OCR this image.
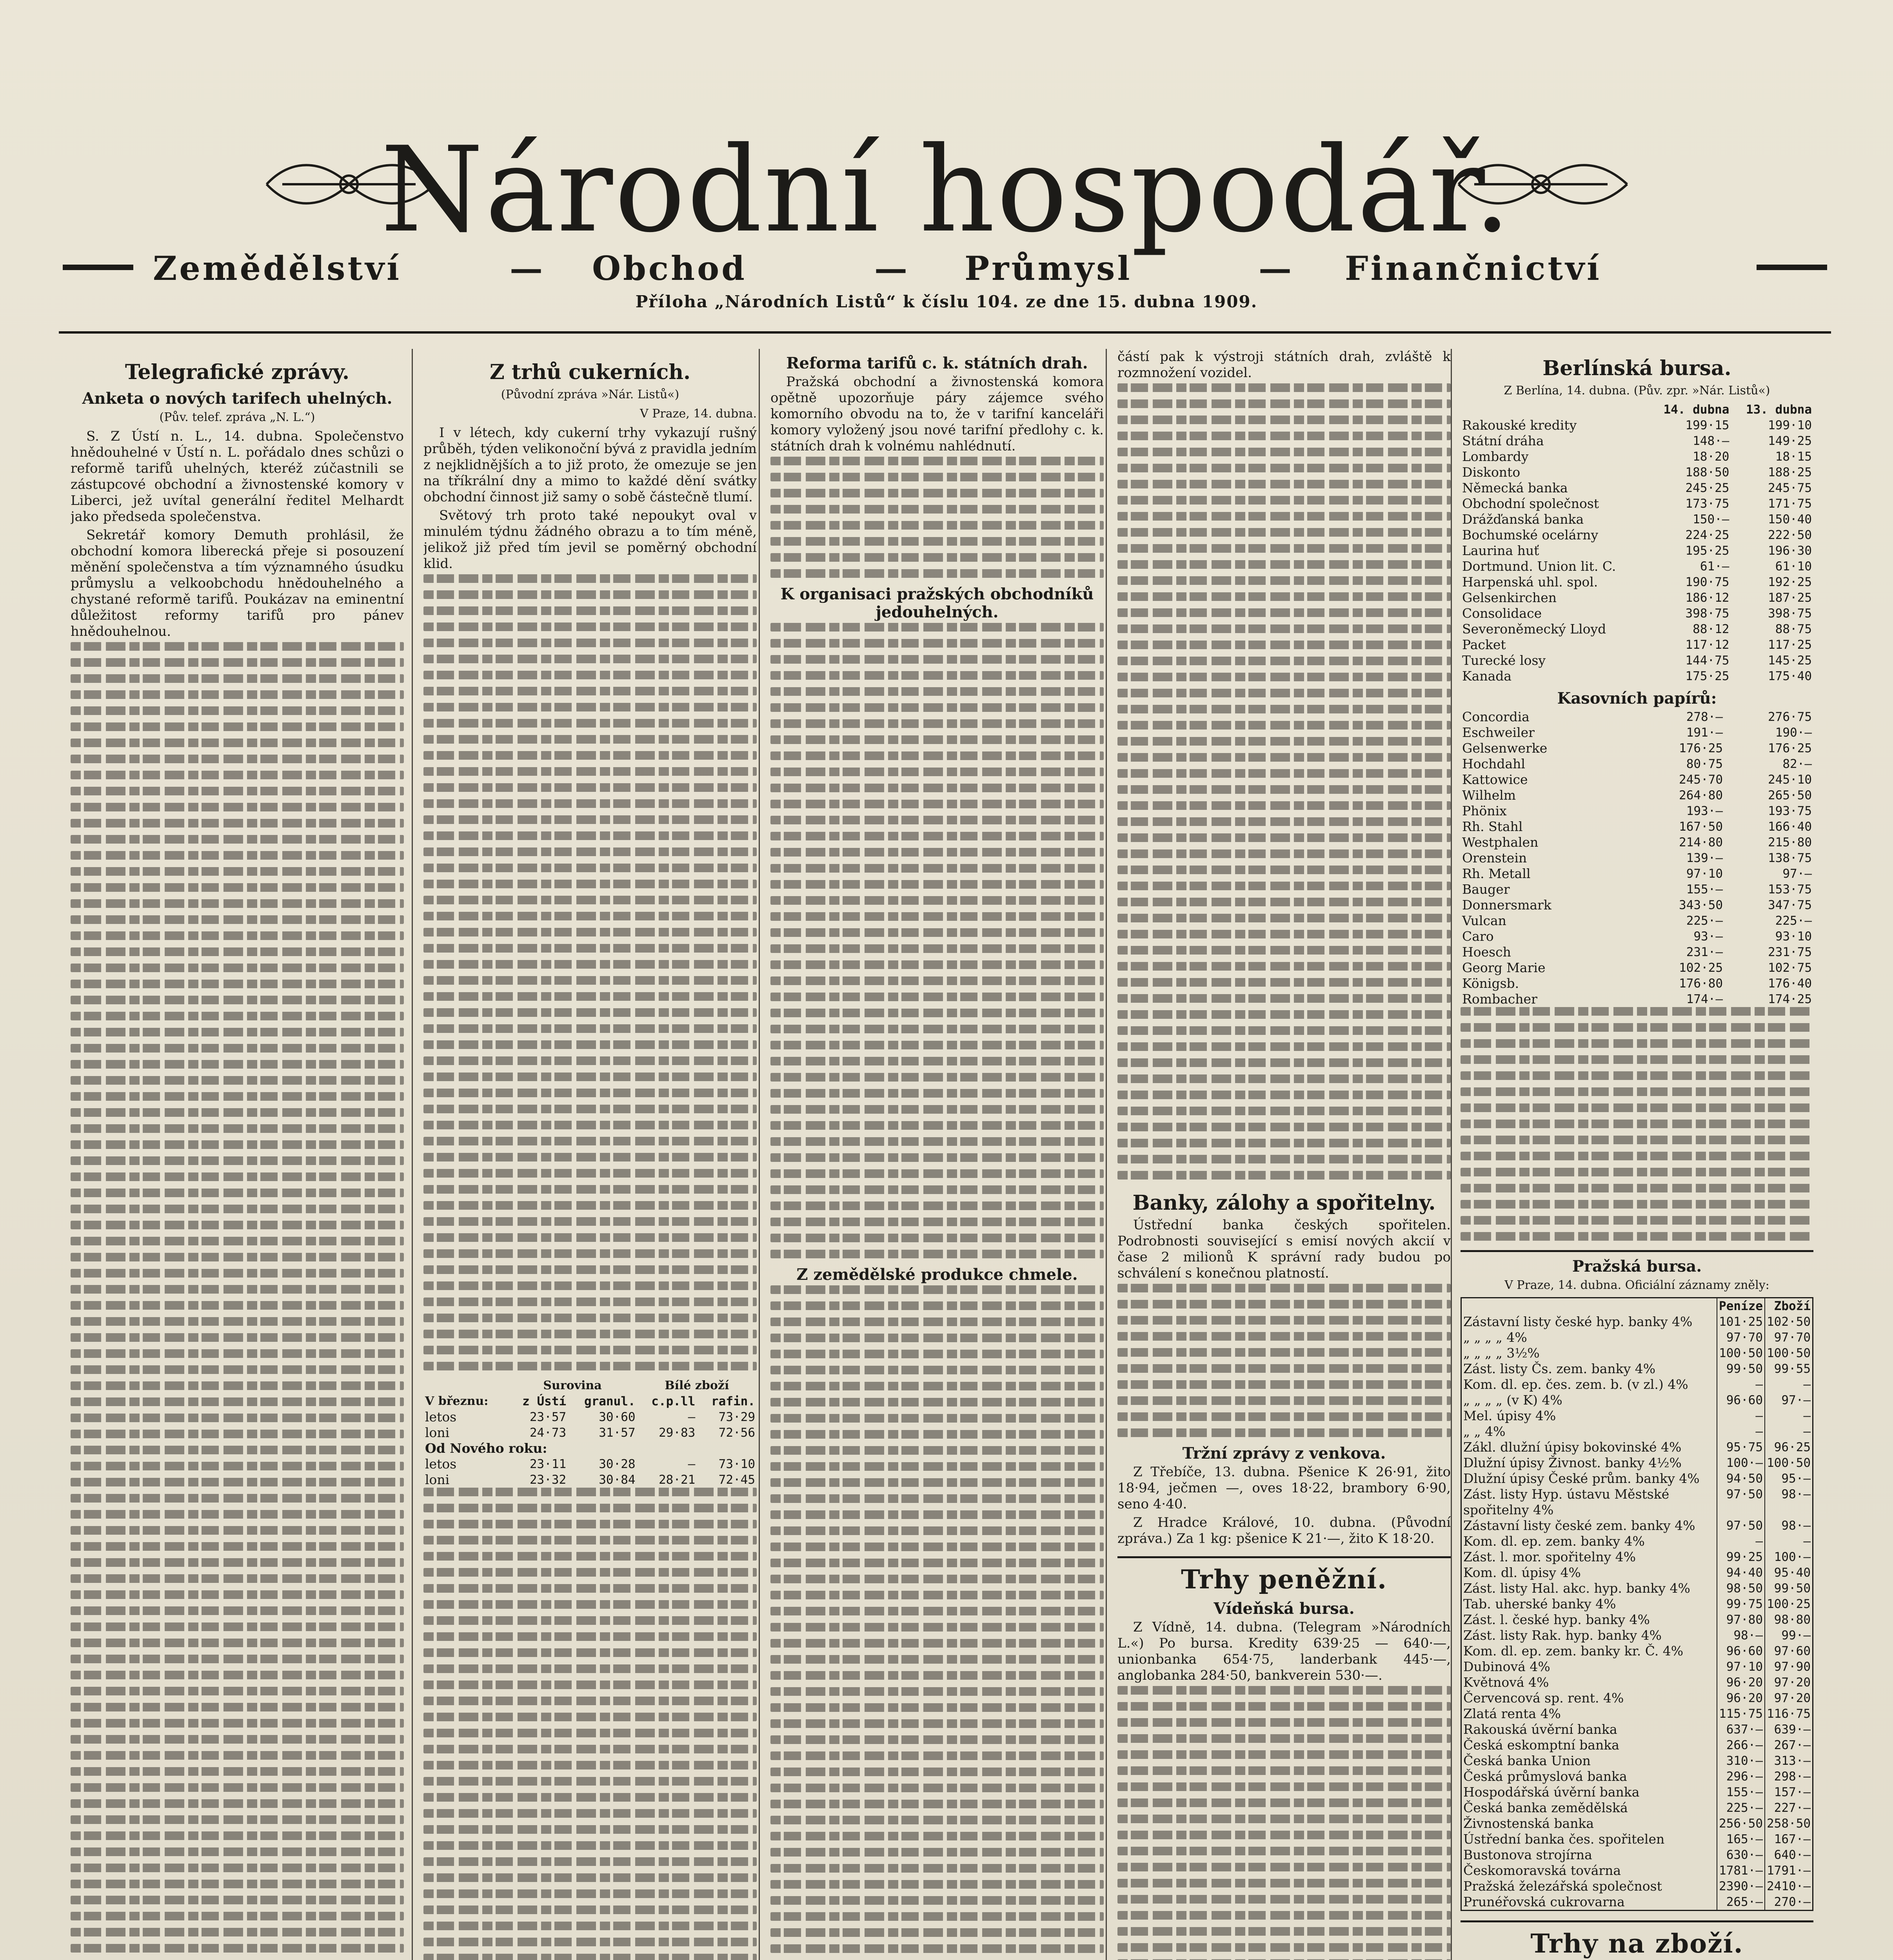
Národní hospodář.
Zemědělství	— Obchod	— Průmysl	— Finančnictví
Příloha „Národních Listů“ k číslu 104. ze dne 15. dubna 1909.
Telegrafické zprávy.
Anketa o nových tarifech uhelných.
(Pův. telef. zpráva „N. L.“)

S. Z Ústí n. L., 14. dubna. Společenstvo hnědouhelné v Ústí n. L. pořádalo dnes schůzi o reformě tarifů uhelných, kteréž zúčastnili se zástupcové obchodní a živnostenské komory v Liberci, jež uvítal generální ředitel Melhardt jako předseda společenstva.

Sekretář komory Demuth prohlásil, že obchodní komora liberecká přeje si posouzení měnění společenstva a tím významného úsudku průmyslu a velkoobchodu hnědouhelného a chystané reformě tarifů. Poukázav na eminentní důležitost reformy tarifů pro pánev hnědouhelnou.

Z trhů cukerních.
(Původní zpráva »Nár. Listů«)
V Praze, 14. dubna.

I v létech, kdy cukerní trhy vykazují rušný průběh, týden velikonoční bývá z pravidla jedním z nejklidnějších a to již proto, že omezuje se jen na tříkrální dny a mimo to každé dění svátky obchodní činnost již samy o sobě částečně tlumí.

Světový trh proto také nepoukyt oval v minulém týdnu žádného obrazu a to tím méně, jelikož již před tím jevil se poměrný obchodní klid.

	Surovina		Bílé zboží	
V březnu:	z Ústí	granul.	c.p.ll	rafin.
letos	23·57	30·60	—	73·29
loni	24·73	31·57	29·83	72·56
Od Nového roku:				
letos	23·11	30·28	—	73·10
loni	23·32	30·84	28·21	72·45

Reforma tarifů c. k. státních drah.

Pražská obchodní a živnostenská komora opětně upozorňuje páry zájemce svého komorního obvodu na to, že v tarifní kanceláři komory vyložený jsou nové tarifní předlohy c. k. státních drah k volnému nahlédnutí.

K organisaci pražských obchodníků jedouhelných.
Z zemědělské produkce chmele.

částí pak k výstroji státních drah, zvláště k rozmnožení vozidel.

Banky, zálohy a spořitelny.

Ústřední banka českých spořitelen. Podrobnosti související s emisí nových akcií v čase 2 milionů K správní rady budou po schválení s konečnou platností.

Tržní zprávy z venkova.

Z Třebíče, 13. dubna. Pšenice K 26·91, žito 18·94, ječmen —, oves 18·22, brambory 6·90, seno 4·40.

Z Hradce Králové, 10. dubna. (Původní zpráva.) Za 1 kg: pšenice K 21·—, žito K 18·20.

Trhy peněžní.
Vídeňská bursa.

Z Vídně, 14. dubna. (Telegram »Národních L.«) Po bursa. Kredity 639·25 — 640·—, unionbanka 654·75, landerbank 445·—, anglobanka 284·50, bankverein 530·—.

Berlínská bursa.
Z Berlína, 14. dubna. (Pův. zpr. »Nár. Listů«)
	14. dubna	13. dubna
Rakouské kredity	199·15	199·10
Státní dráha	148·—	149·25
Lombardy	18·20	18·15
Diskonto	188·50	188·25
Německá banka	245·25	245·75
Obchodní společnost	173·75	171·75
Drážďanská banka	150·—	150·40
Bochumské ocelárny	224·25	222·50
Laurina huť	195·25	196·30
Dortmund. Union lit. C.	61·—	61·10
Harpenská uhl. spol.	190·75	192·25
Gelsenkirchen	186·12	187·25
Consolidace	398·75	398·75
Severoněmecký Lloyd	88·12	88·75
Packet	117·12	117·25
Turecké losy	144·75	145·25
Kanada	175·25	175·40
Kasovních papírů:
Concordia	278·—	276·75
Eschweiler	191·—	190·—
Gelsenwerke	176·25	176·25
Hochdahl	80·75	82·—
Kattowice	245·70	245·10
Wilhelm	264·80	265·50
Phönix	193·—	193·75
Rh. Stahl	167·50	166·40
Westphalen	214·80	215·80
Orenstein	139·—	138·75
Rh. Metall	97·10	97·—
Bauger	155·—	153·75
Donnersmark	343·50	347·75
Vulcan	225·—	225·—
Caro	93·—	93·10
Hoesch	231·—	231·75
Georg Marie	102·25	102·75
Königsb.	176·80	176·40
Rombacher	174·—	174·25
Pražská bursa.
V Praze, 14. dubna. Oficiální záznamy zněly:
	Peníze	Zboží
Zástavní listy české hyp. banky 4%	101·25	102·50
„ „ „ „ 4%	97·70	97·70
„ „ „ „ 3½%	100·50	100·50
Zást. listy Čs. zem. banky 4%	99·50	99·55
Kom. dl. ep. čes. zem. b. (v zl.) 4%	—	—
„ „ „ „ (v K) 4%	96·60	97·—
Mel. úpisy 4%	—	—
„ „ 4%	—	—
Zákl. dlužní úpisy bokovinské 4%	95·75	96·25
Dlužní úpisy Živnost. banky 4½%	100·—	100·50
Dlužní úpisy České prům. banky 4%	94·50	95·—
Zást. listy Hyp. ústavu Městské spořitelny 4%	97·50	98·—
Zástavní listy české zem. banky 4%	97·50	98·—
Kom. dl. ep. zem. banky 4%	—	—
Zást. l. mor. spořitelny 4%	99·25	100·—
Kom. dl. úpisy 4%	94·40	95·40
Zást. listy Hal. akc. hyp. banky 4%	98·50	99·50
Tab. uherské banky 4%	99·75	100·25
Zást. l. české hyp. banky 4%	97·80	98·80
Zást. listy Rak. hyp. banky 4%	98·—	99·—
Kom. dl. ep. zem. banky kr. Č. 4%	96·60	97·60
Dubinová 4%	97·10	97·90
Květnová 4%	96·20	97·20
Červencová sp. rent. 4%	96·20	97·20
Zlatá renta 4%	115·75	116·75
Rakouská úvěrní banka	637·—	639·—
Česká eskomptní banka	266·—	267·—
Česká banka Union	310·—	313·—
Česká průmyslová banka	296·—	298·—
Hospodářská úvěrní banka	155·—	157·—
Česká banka zemědělská	225·—	227·—
Živnostenská banka	256·50	258·50
Ústřední banka čes. spořitelen	165·—	167·—
Bustonova strojírna	630·—	640·—
Českomoravská továrna	1781·—	1791·—
Pražská železářská společnost	2390·—	2410·—
Prunéřovská cukrovarna	265·—	270·—
Trhy na zboží.
